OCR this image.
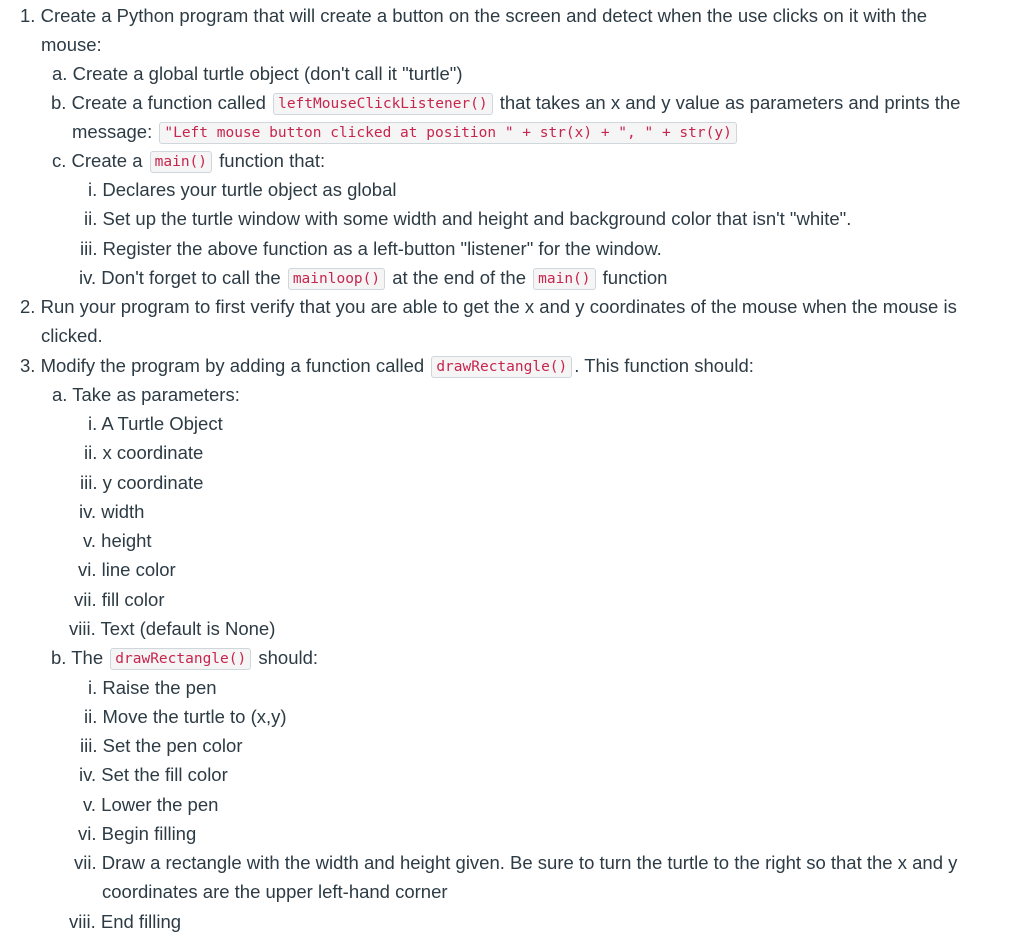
1. Create a Python program that will create a button on the screen and detect when the use clicks on it with the
mouse:
a. Create a global turtle object (don't call it "turtle")
b. Create a function called leftMouseClickListener() that takes an x and y value as parameters and prints the
message: "Left mouse button clicked at position " + str(x) + ", " + str(y)
c. Create a main() function that:
i. Declares your turtle object as global
ii. Set up the turtle window with some width and height and background color that isn't "white".
iii. Register the above function as a left-button "listener" for the window.
iv. Don't forget to call the mainloop() at the end of the main() function
2. Run your program to first verify that you are able to get the x and y coordinates of the mouse when the mouse is
clicked.
3. Modify the program by adding a function called drawRectangle() . This function should:
a. Take as parameters:
i. A Turtle Object
ii. x coordinate
iii. y coordinate
iv. width
v. height
vi. line color
vii. fill color
viii. Text (default is None)
b. The drawRectangle() should:
i. Raise the pen
ii. Move the turtle to (x,y)
iii. Set the pen color
iv. Set the fill color
v. Lower the pen
vi. Begin filling
vii. Draw a rectangle with the width and height given. Be sure to turn the turtle to the right so that the x and y
coordinates are the upper left-hand corner
viii. End filling
